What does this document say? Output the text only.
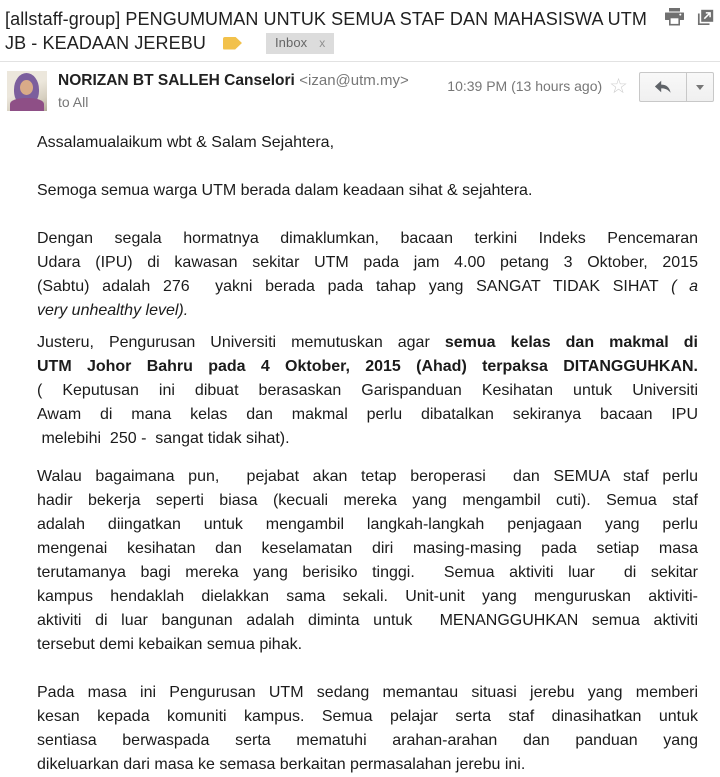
[allstaff-group] PENGUMUMAN UNTUK SEMUA STAF DAN MAHASISWA UTM

JB - KEADAAN JEREBU	Inbox x
NORIZAN BT SALLEH Canselori <izan@utm.my>
to All
10:39 PM (13 hours ago) ☆
Assalamualaikum wbt & Salam Sejahtera,
Semoga semua warga UTM berada dalam keadaan sihat & sejahtera.
Dengan segala hormatnya dimaklumkan, bacaan terkini Indeks Pencemaran
Udara (IPU) di kawasan sekitar UTM pada jam 4.00 petang 3 Oktober, 2015
(Sabtu) adalah 276  yakni berada pada tahap yang SANGAT TIDAK SIHAT ( a
very unhealthy level).
Justeru, Pengurusan Universiti memutuskan agar semua kelas dan makmal di
UTM Johor Bahru pada 4 Oktober, 2015 (Ahad) terpaksa DITANGGUHKAN.
( Keputusan ini dibuat berasaskan Garispanduan Kesihatan untuk Universiti
Awam di mana kelas dan makmal perlu dibatalkan sekiranya bacaan IPU
melebihi  250 -  sangat tidak sihat).
Walau bagaimana pun,  pejabat akan tetap beroperasi  dan SEMUA staf perlu
hadir bekerja seperti biasa (kecuali mereka yang mengambil cuti). Semua staf
adalah diingatkan untuk mengambil langkah-langkah penjagaan yang perlu
mengenai kesihatan dan keselamatan diri masing-masing pada setiap masa
terutamanya bagi mereka yang berisiko tinggi.  Semua aktiviti luar  di sekitar
kampus hendaklah dielakkan sama sekali. Unit-unit yang menguruskan aktiviti-
aktiviti di luar bangunan adalah diminta untuk  MENANGGUHKAN semua aktiviti
tersebut demi kebaikan semua pihak.
Pada masa ini Pengurusan UTM sedang memantau situasi jerebu yang memberi
kesan kepada komuniti kampus. Semua pelajar serta staf dinasihatkan untuk
sentiasa berwaspada serta mematuhi arahan-arahan dan panduan yang
dikeluarkan dari masa ke semasa berkaitan permasalahan jerebu ini.
